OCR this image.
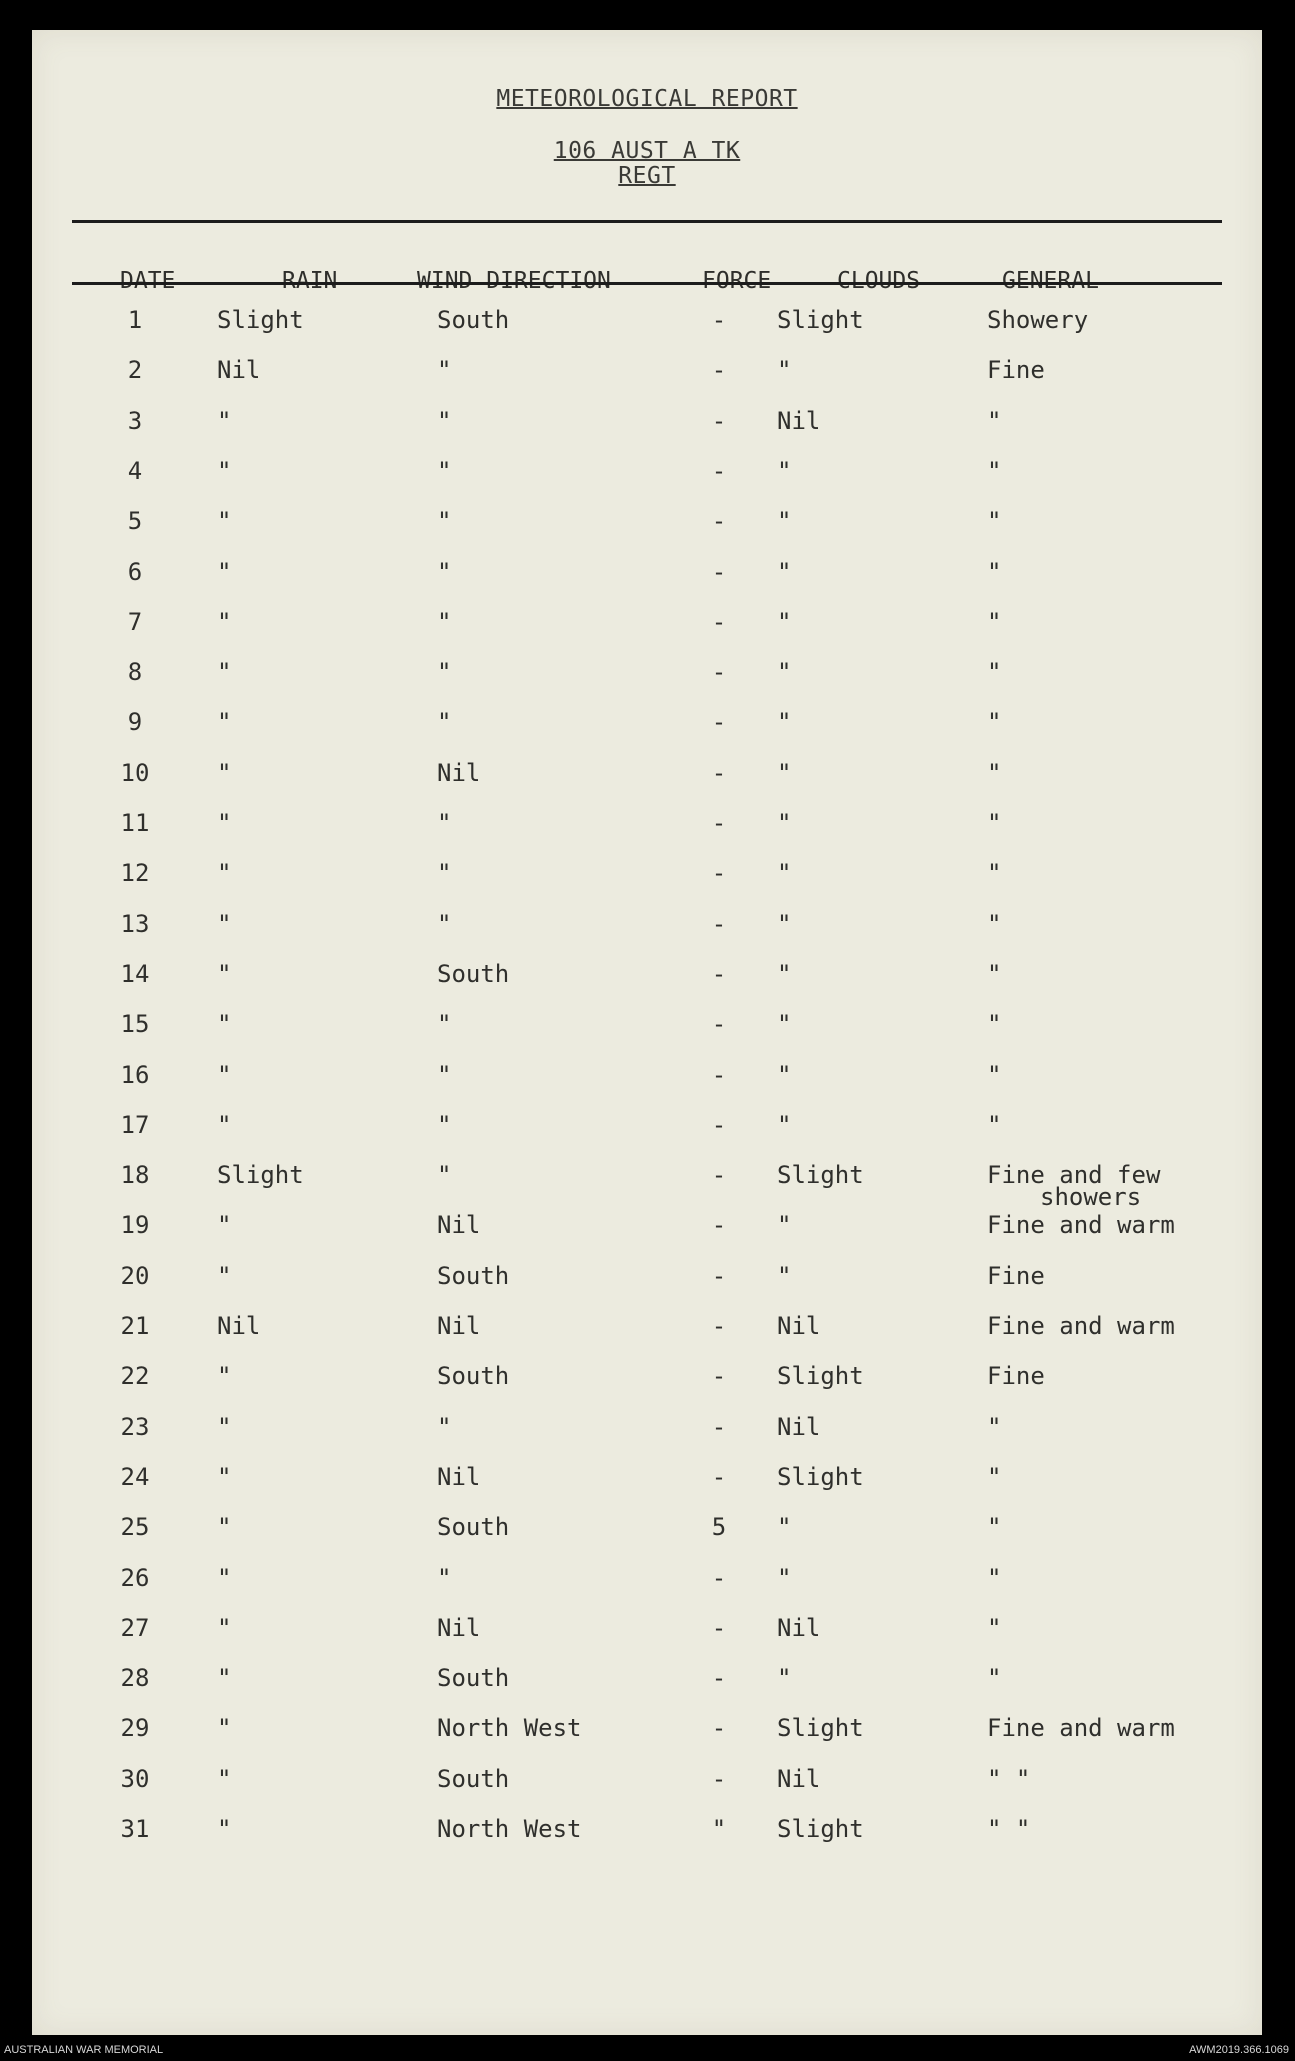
METEOROLOGICAL REPORT
106 AUST A TK
REGT
DATE	RAIN	WIND DIRECTION	FORCE	CLOUDS	GENERAL
1	Slight	South	-	Slight	Showery
2	Nil	"	-	"	Fine
3	"	"	-	Nil	"
4	"	"	-	"	"
5	"	"	-	"	"
6	"	"	-	"	"
7	"	"	-	"	"
8	"	"	-	"	"
9	"	"	-	"	"
10	"	Nil	-	"	"
11	"	"	-	"	"
12	"	"	-	"	"
13	"	"	-	"	"
14	"	South	-	"	"
15	"	"	-	"	"
16	"	"	-	"	"
17	"	"	-	"	"
18	Slight	"	-	Slight	Fine and few
showers
19	"	Nil	-	"	Fine and warm
20	"	South	-	"	Fine
21	Nil	Nil	-	Nil	Fine and warm
22	"	South	-	Slight	Fine
23	"	"	-	Nil	"
24	"	Nil	-	Slight	"
25	"	South	5	"	"
26	"	"	-	"	"
27	"	Nil	-	Nil	"
28	"	South	-	"	"
29	"	North West	-	Slight	Fine and warm
30	"	South	-	Nil	" "
31	"	North West	"	Slight	" "
AUSTRALIAN WAR MEMORIAL	AWM2019.366.1069
